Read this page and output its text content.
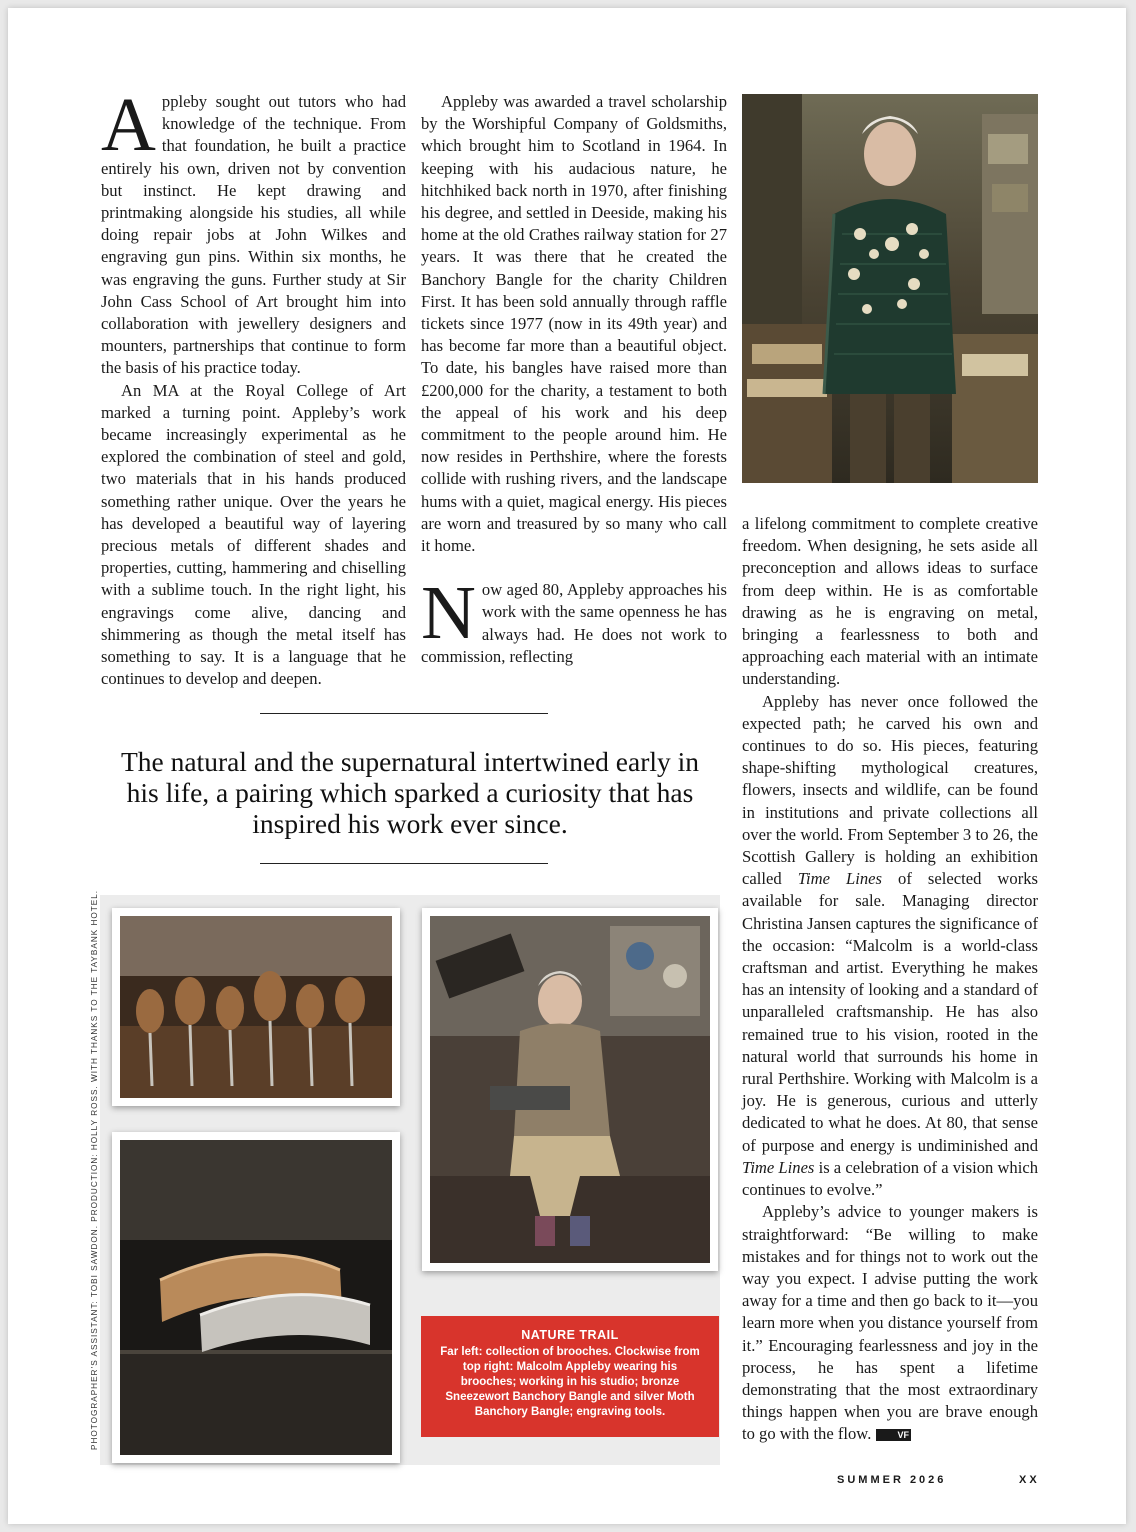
Appleby sought out tutors who had knowledge of the technique. From that foundation, he built a practice entirely his own, driven not by convention but instinct. He kept drawing and printmaking alongside his studies, all while doing repair jobs at John Wilkes and engraving gun pins. Within six months, he was engraving the guns. Further study at Sir John Cass School of Art brought him into collaboration with jewellery designers and mounters, partnerships that continue to form the basis of his practice today.

An MA at the Royal College of Art marked a turning point. Appleby’s work became increasingly experimental as he explored the combination of steel and gold, two materials that in his hands produced something rather unique. Over the years he has developed a beautiful way of layering precious metals of different shades and properties, cutting, hammering and chiselling with a sublime touch. In the right light, his engravings come alive, dancing and shimmering as though the metal itself has something to say. It is a language that he continues to develop and deepen.

Appleby was awarded a travel scholarship by the Worshipful Company of Goldsmiths, which brought him to Scotland in 1964. In keeping with his audacious nature, he hitchhiked back north in 1970, after finishing his degree, and settled in Deeside, making his home at the old Crathes railway station for 27 years. It was there that he created the Banchory Bangle for the charity Children First. It has been sold annually through raffle tickets since 1977 (now in its 49th year) and has become far more than a beautiful object. To date, his bangles have raised more than £200,000 for the charity, a testament to both the appeal of his work and his deep commitment to the people around him. He now resides in Perthshire, where the forests collide with rushing rivers, and the landscape hums with a quiet, magical energy. His pieces are worn and treasured by so many who call it home.

Now aged 80, Appleby approaches his work with the same openness he has always had. He does not work to commission, reflecting

a lifelong commitment to complete creative freedom. When designing, he sets aside all preconception and allows ideas to surface from deep within. He is as comfortable drawing as he is engraving on metal, bringing a fearlessness to both and approaching each material with an intimate understanding.

Appleby has never once followed the expected path; he carved his own and continues to do so. His pieces, featuring shape-shifting mythological creatures, flowers, insects and wildlife, can be found in institutions and private collections all over the world. From September 3 to 26, the Scottish Gallery is holding an exhibition called Time Lines of selected works available for sale. Managing director Christina Jansen captures the significance of the occasion: “Malcolm is a world-class craftsman and artist. Everything he makes has an intensity of looking and a standard of unparalleled craftsmanship. He has also remained true to his vision, rooted in the natural world that surrounds his home in rural Perthshire. Working with Malcolm is a joy. He is generous, curious and utterly dedicated to what he does. At 80, that sense of purpose and energy is undiminished and Time Lines is a celebration of a vision which continues to evolve.”

Appleby’s advice to younger makers is straightforward: “Be willing to make mistakes and for things not to work out the way you expect. I advise putting the work away for a time and then go back to it—you learn more when you distance yourself from it.” Encouraging fearlessness and joy in the process, he has spent a lifetime demonstrating that the most extraordinary things happen when you are brave enough to go with the flow.	VF

The natural and the supernatural intertwined early in his life, a pairing which sparked a curiosity that has inspired his work ever since.
NATURE TRAIL
Far left: collection of brooches. Clockwise from top right: Malcolm Appleby wearing his brooches; working in his studio; bronze Sneezewort Banchory Bangle and silver Moth Banchory Bangle; engraving tools.
PHOTOGRAPHER’S ASSISTANT: TOBI SAWDON. PRODUCTION: HOLLY ROSS. WITH THANKS TO THE TAYBANK HOTEL.
SUMMER 2026	XX
